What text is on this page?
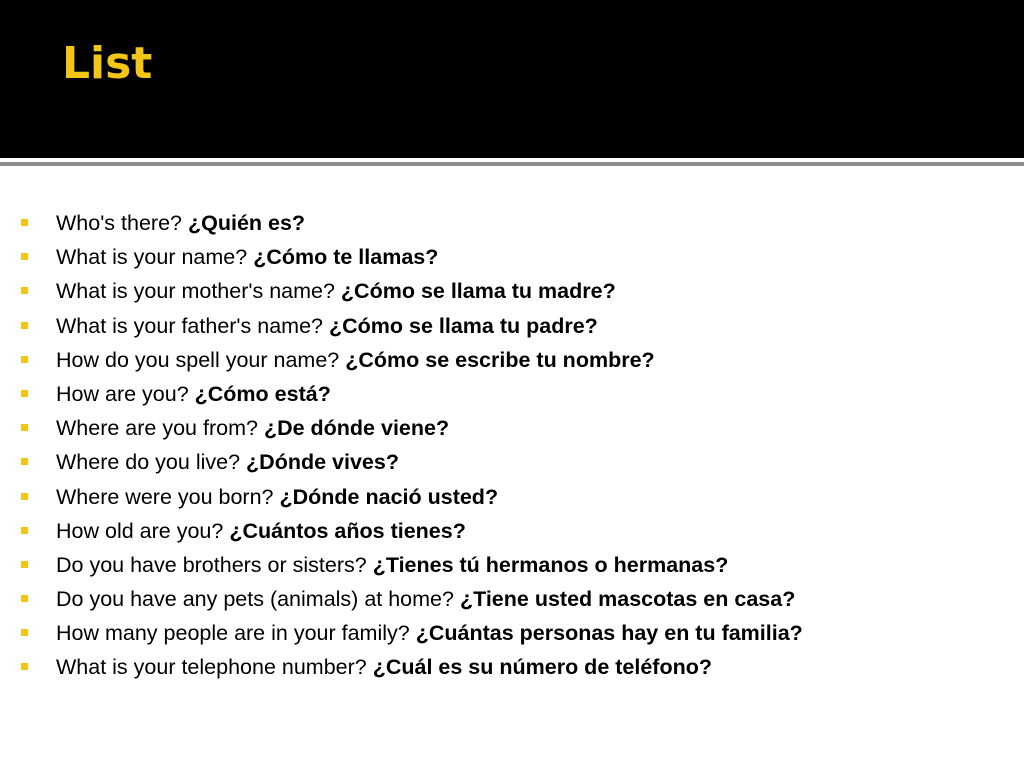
List
Who's there? ¿Quién es?
What is your name? ¿Cómo te llamas?
What is your mother's name? ¿Cómo se llama tu madre?
What is your father's name? ¿Cómo se llama tu padre?
How do you spell your name? ¿Cómo se escribe tu nombre?
How are you? ¿Cómo está?
Where are you from? ¿De dónde viene?
Where do you live? ¿Dónde vives?
Where were you born? ¿Dónde nació usted?
How old are you? ¿Cuántos años tienes?
Do you have brothers or sisters? ¿Tienes tú hermanos o hermanas?
Do you have any pets (animals) at home? ¿Tiene usted mascotas en casa?
How many people are in your family? ¿Cuántas personas hay en tu familia?
What is your telephone number? ¿Cuál es su número de teléfono?
